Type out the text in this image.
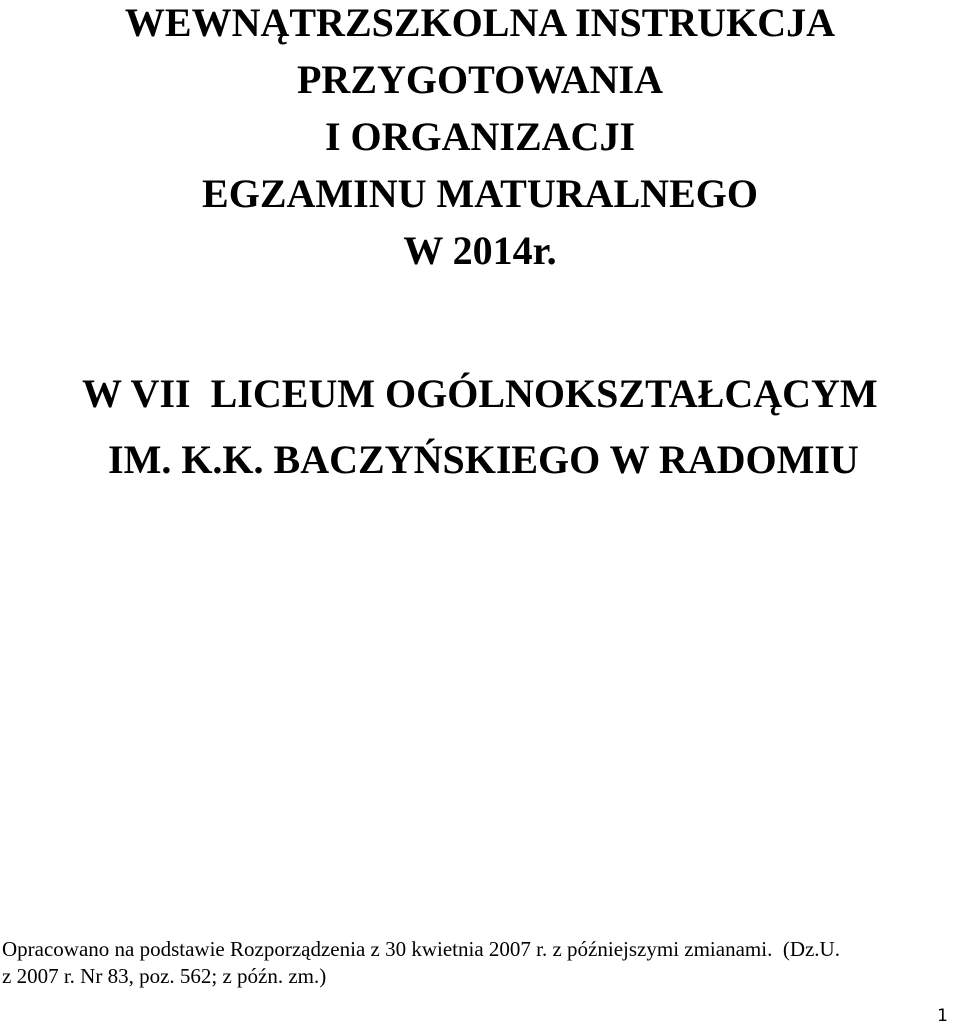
WEWNĄTRZSZKOLNA INSTRUKCJA

PRZYGOTOWANIA

I ORGANIZACJI

EGZAMINU MATURALNEGO

W 2014r.

W VII  LICEUM OGÓLNOKSZTAŁCĄCYM

IM. K.K. BACZYŃSKIEGO W RADOMIU

Opracowano na podstawie Rozporządzenia z 30 kwietnia 2007 r. z późniejszymi zmianami.  (Dz.U.
z 2007 r. Nr 83, poz. 562; z późn. zm.)

1
